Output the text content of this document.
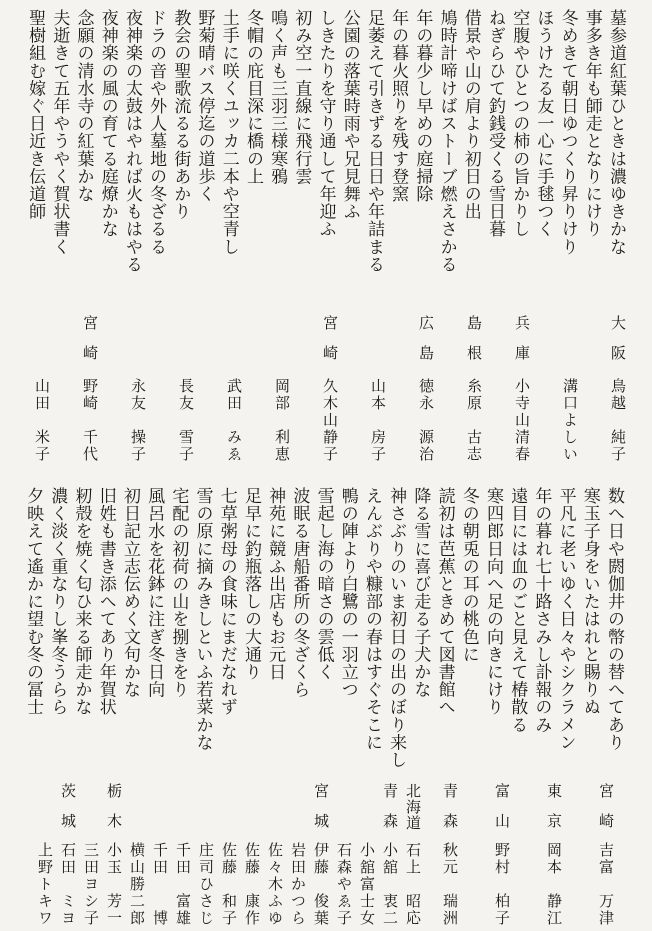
墓参道紅葉ひときは濃ゆきかな
事多き年も師走となりにけり
冬めきて朝日ゆつくり昇りけり
ほうけたる友一心に手毬つく
空腹やひとつの柿の旨かりし
ねぎらひて釣銭受くる雪日暮
借景や山の肩より初日の出
鳩時計啼けばストーブ燃えさかる
年の暮少し早めの庭掃除
年の暮火照りを残す登窯
足萎えて引きずる日日や年詰まる
公園の落葉時雨や兄見舞ふ
しきたりを守り通して年迎ふ
初み空一直線に飛行雲
鳴く声も三羽三様寒鴉
冬帽の庇目深に橋の上
土手に咲くユッカ二本や空青し
野菊晴バス停迄の道歩く
教会の聖歌流るる街あかり
ドラの音や外人墓地の冬ざるる
夜神楽の太鼓はやれば火もはやる
夜神楽の風の育てる庭燎かな
念願の清水寺の紅葉かな
夫逝きて五年やうやく賀状書く
聖樹組む嫁ぐ日近き伝道師
大阪鳥越　純子
溝口よしい
兵庫小寺山清春
島根糸原　古志
広島徳永　源治
山本　房子
宮崎久木山静子
岡部　利恵
武田　みゑ
長友　雪子
永友　操子
宮崎野崎　千代
山田　米子
数へ日や閼伽井の幣の替へてあり
寒玉子身をいたはれと賜りぬ
平凡に老いゆく日々やシクラメン
年の暮れ七十路さみし訃報のみ
遠目には血のごと見えて椿散る
寒四郎日向へ足の向きにけり
冬の朝兎の耳の桃色に
読初は芭蕉ときめて図書館へ
降る雪に喜び走る子犬かな
神さぶりのいま初日の出のぼり来し
えんぶりや糠部の春はすぐそこに
鴨の陣より白鷺の一羽立つ
雪起し海の暗さの雲低く
波眠る唐船番所の冬ざくら
神苑に競ふ出店もお元日
足早に釣瓶落しの大通り
七草粥母の食味にまだなれず
雪の原に摘みきしといふ若菜かな
宅配の初荷の山を捌きをり
風呂水を花鉢に注ぎ冬日向
初日記立志伝めく文句かな
旧姓も書き添へてあり年賀状
籾殻を焼く匂ひ来る師走かな
濃く淡く重なりし峯冬うらら
夕映えて遙かに望む冬の冨士
宮崎吉富　万津
東京岡本　静江
富山野村　柏子
青森秋元　瑞洲
北海道石上　昭応
青森小舘　衷二
小舘富士女
石森やゑ子
宮城伊藤　俊葉
岩田かつら
佐々木ふゆ
佐藤　康作
佐藤　和子
庄司ひさじ
千田　富雄
千田　　博
横山勝二郎
栃木小玉　芳一
三田ヨシ子
茨城石田　ミヨ
上野トキワ
